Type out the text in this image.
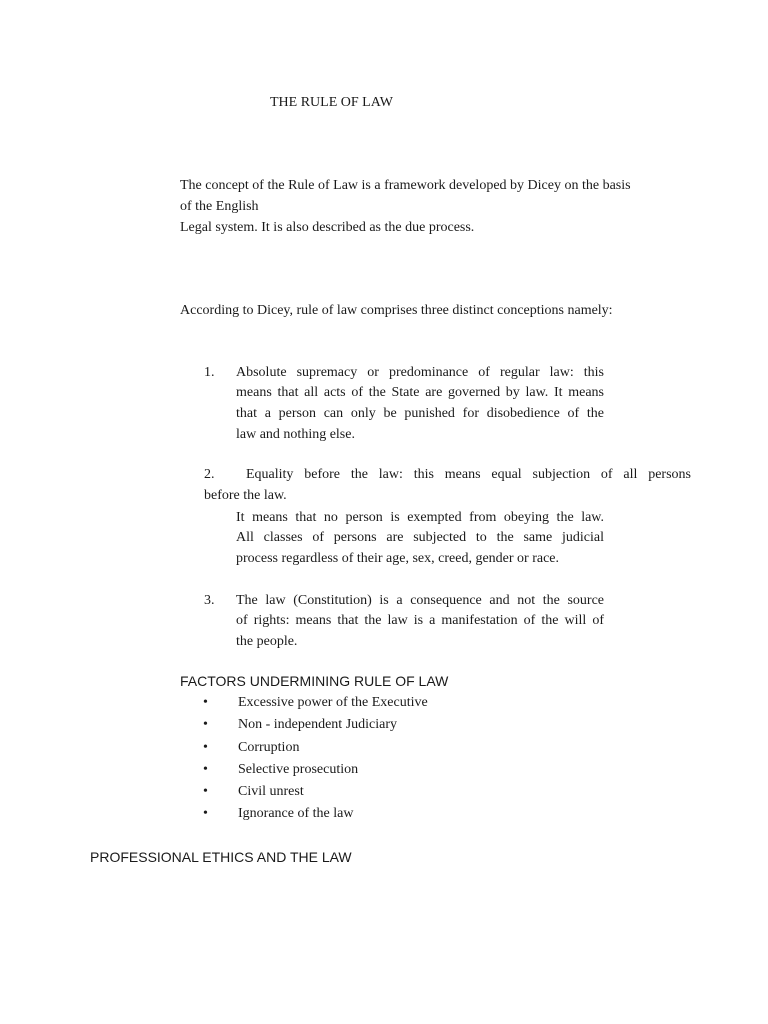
THE RULE OF LAW
The concept of the Rule of Law is a framework developed by Dicey on the basis
of the English
Legal system. It is also described as the due process.
According to Dicey, rule of law comprises three distinct conceptions namely:
1. Absolute supremacy or predominance of regular law: this
means that all acts of the State are governed by law. It means
that a person can only be punished for disobedience of the
law and nothing else.
2. Equality before the law: this means equal subjection of all persons
before the law.
It means that no person is exempted from obeying the law.
All classes of persons are subjected to the same judicial
process regardless of their age, sex, creed, gender or race.
3. The law (Constitution) is a consequence and not the source
of rights: means that the law is a manifestation of the will of
the people.
FACTORS UNDERMINING RULE OF LAW
• Excessive power of the Executive
• Non - independent Judiciary
• Corruption
• Selective prosecution
• Civil unrest
• Ignorance of the law
PROFESSIONAL ETHICS AND THE LAW
